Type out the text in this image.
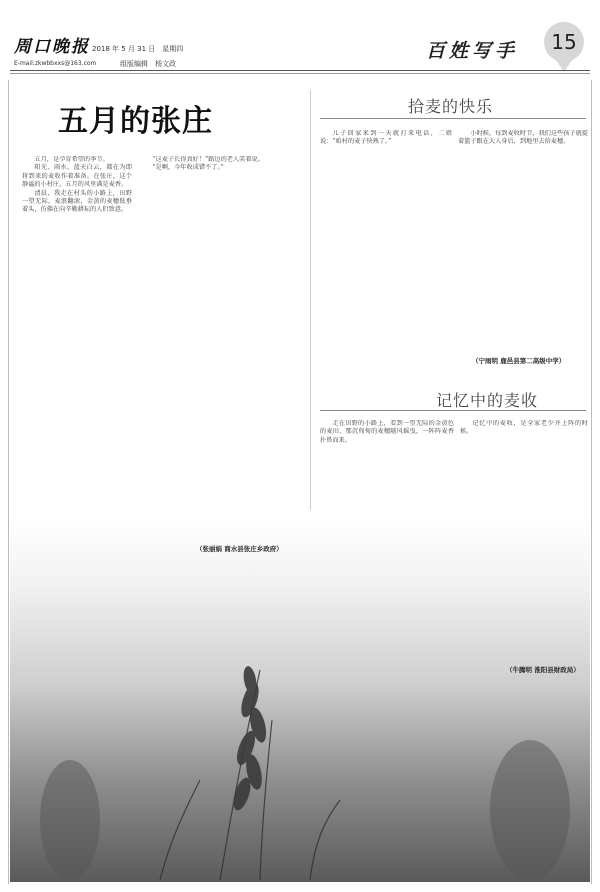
周口晚报 2018 年 5 月 31 日　星期四
E-mail:zkwbbxxs@163.com	组版编辑　杨文政
百姓写手 15
五月的张庄

五月，是孕育希望的季节。

阳光、雨水、蓝天白云，都在为即将到来的麦收作着准备。在张庄，这个静谧的小村庄，五月的风里满是麦香。

清晨，我走在村头的小路上，田野一望无际，麦浪翻滚，金黄的麦穗低垂着头，仿佛在向辛勤耕耘的人们致意。

“这麦子长得真好！”路边的老人笑着说。

“是啊，今年收成错不了。”

（张丽娟 商水县张庄乡政府）
拾麦的快乐

儿子回家来到一天就打来电话，二姐说：“咱村的麦子快熟了。”

小时候，每到麦收时节，我们这些孩子就提着篮子跟在大人身后，到地里去拾麦穗。

（宁雨明 鹿邑县第二高级中学）
记忆中的麦收

走在田野的小路上，看到一望无际的金黄色的麦田，那沉甸甸的麦穗随风摇曳，一阵阵麦香扑鼻而来。

记忆中的麦收，是全家老少齐上阵的时候。

（牛腾明 淮阳县财政局）
